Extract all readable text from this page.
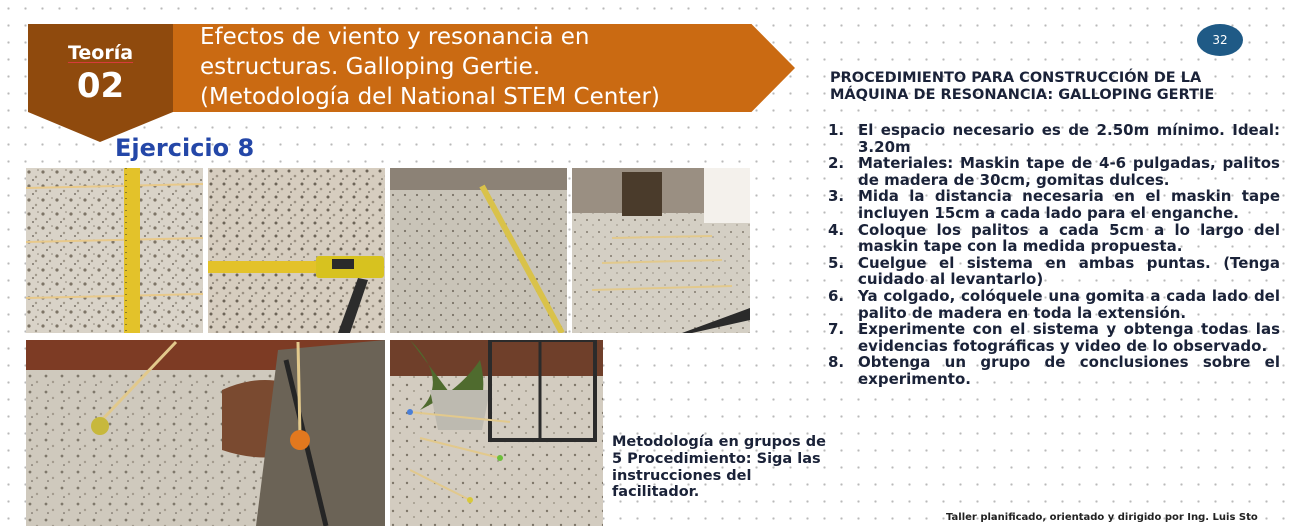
Teoría
02
Efectos de viento y resonancia en
estructuras. Galloping Gertie.
(Metodología del National STEM Center)
Ejercicio 8
32
PROCEDIMIENTO PARA CONSTRUCCIÓN DE LA MÁQUINA DE RESONANCIA: GALLOPING GERTIE
1. El espacio necesario es de 2.50m mínimo. Ideal: 3.20m
2. Materiales: Maskin tape de 4-6 pulgadas, palitos de madera de 30cm, gomitas dulces.
3. Mida la distancia necesaria en el maskin tape incluyen 15cm a cada lado para el enganche.
4. Coloque los palitos a cada 5cm a lo largo del maskin tape con la medida propuesta.
5. Cuelgue el sistema en ambas puntas. (Tenga cuidado al levantarlo)
6. Ya colgado, colóquele una gomita a cada lado del palito de madera en toda la extensión.
7. Experimente con el sistema y obtenga todas las evidencias fotográficas y video de lo observado.
8. Obtenga un grupo de conclusiones sobre el experimento.
Metodología en grupos de 5 Procedimiento: Siga las instrucciones del facilitador.
Taller planificado, orientado y dirigido por Ing. Luis Sto
